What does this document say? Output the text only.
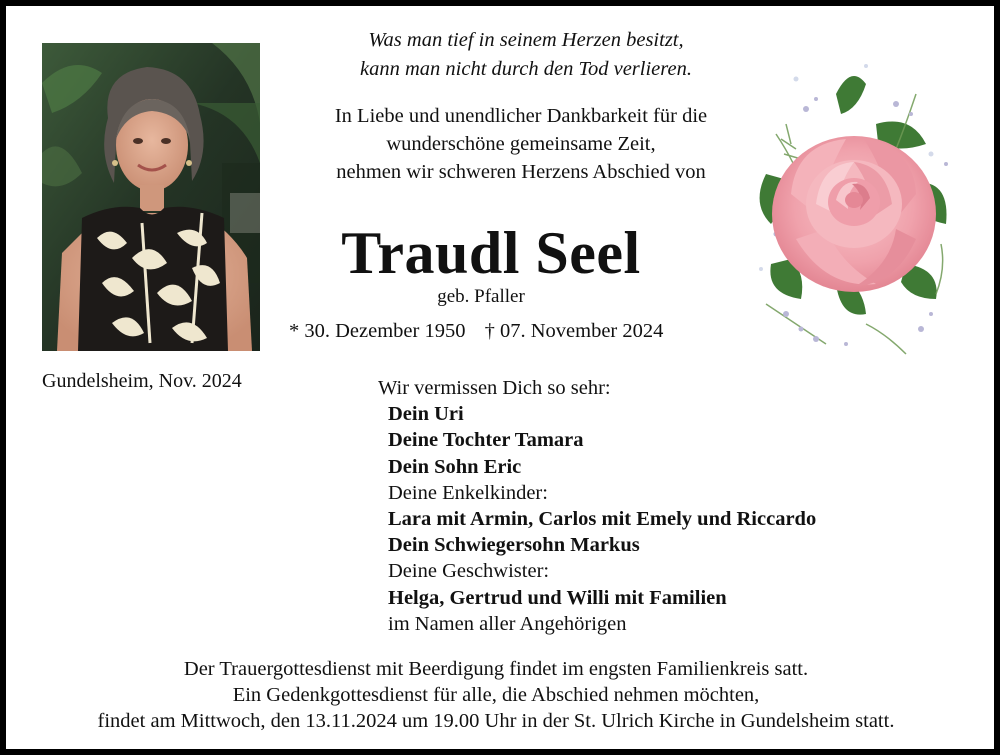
Gundelsheim, Nov. 2024
Was man tief in seinem Herzen besitzt,
kann man nicht durch den Tod verlieren.
In Liebe und unendlicher Dankbarkeit für die
wunderschöne gemeinsame Zeit,
nehmen wir schweren Herzens Abschied von
Traudl Seel
geb. Pfaller
* 30. Dezember 1950 † 07. November 2024
Wir vermissen Dich so sehr:
Dein Uri
Deine Tochter Tamara
Dein Sohn Eric
Deine Enkelkinder:
Lara mit Armin, Carlos mit Emely und Riccardo
Dein Schwiegersohn Markus
Deine Geschwister:
Helga, Gertrud und Willi mit Familien
im Namen aller Angehörigen
Der Trauergottesdienst mit Beerdigung findet im engsten Familienkreis satt.
Ein Gedenkgottesdienst für alle, die Abschied nehmen möchten,
findet am Mittwoch, den 13.11.2024 um 19.00 Uhr in der St. Ulrich Kirche in Gundelsheim statt.
